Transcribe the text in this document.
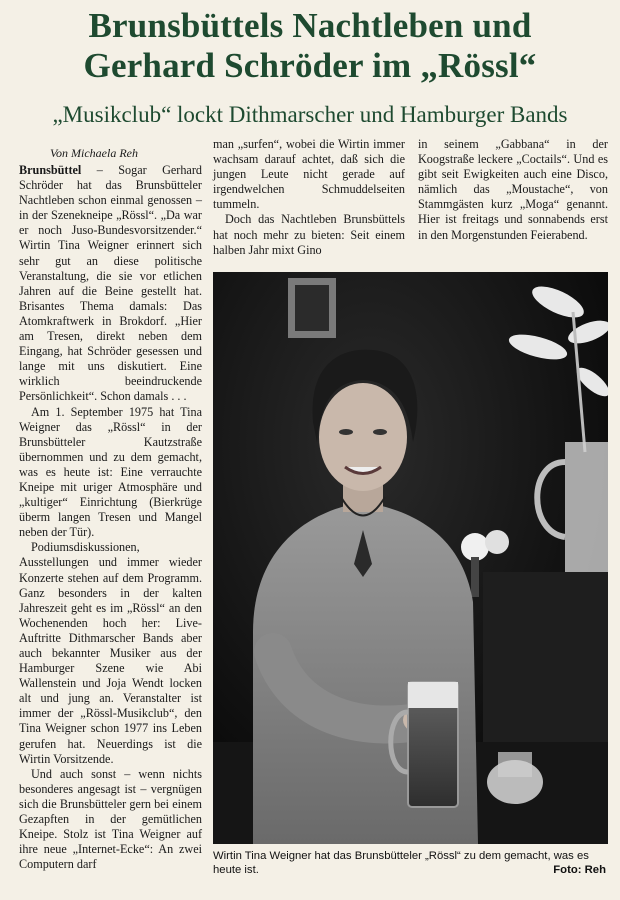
Brunsbüttels Nachtleben und
Gerhard Schröder im „Rössl“
„Musikclub“ lockt Dithmarscher und Hamburger Bands
Von Michaela Reh

Brunsbüttel – Sogar Gerhard Schröder hat das Brunsbütteler Nachtleben schon einmal genossen – in der Szenekneipe „Rössl“. „Da war er noch Juso-Bundesvorsitzender.“ Wirtin Tina Weigner erinnert sich sehr gut an diese politische Veranstaltung, die sie vor etlichen Jahren auf die Beine gestellt hat. Brisantes Thema damals: Das Atomkraftwerk in Brokdorf. „Hier am Tresen, direkt neben dem Eingang, hat Schröder gesessen und lange mit uns diskutiert. Eine wirklich beeindruckende Persönlichkeit“. Schon damals . . .

Am 1. September 1975 hat Tina Weigner das „Rössl“ in der Brunsbütteler Kautzstraße übernommen und zu dem gemacht, was es heute ist: Eine verrauchte Kneipe mit uriger Atmosphäre und „kultiger“ Einrichtung (Bierkrüge überm langen Tresen und Mangel neben der Tür).

Podiumsdiskussionen, Ausstellungen und immer wieder Konzerte stehen auf dem Programm. Ganz besonders in der kalten Jahreszeit geht es im „Rössl“ an den Wochenenden hoch her: Live-Auftritte Dithmarscher Bands aber auch bekannter Musiker aus der Hamburger Szene wie Abi Wallenstein und Joja Wendt locken alt und jung an. Veranstalter ist immer der „Rössl-Musikclub“, den Tina Weigner schon 1977 ins Leben gerufen hat. Neuerdings ist die Wirtin Vorsitzende.

Und auch sonst – wenn nichts besonderes angesagt ist – vergnügen sich die Brunsbütteler gern bei einem Gezapften in der gemütlichen Kneipe. Stolz ist Tina Weigner auf ihre neue „Internet-Ecke“: An zwei Computern darf

man „surfen“, wobei die Wirtin immer wachsam darauf achtet, daß sich die jungen Leute nicht gerade auf irgendwelchen Schmuddelseiten tummeln.

Doch das Nachtleben Brunsbüttels hat noch mehr zu bieten: Seit einem halben Jahr mixt Gino

in seinem „Gabbana“ in der Koogstraße leckere „Coctails“. Und es gibt seit Ewigkeiten auch eine Disco, nämlich das „Moustache“, von Stammgästen kurz „Moga“ genannt. Hier ist freitags und sonnabends erst in den Morgenstunden Feierabend.

Wirtin Tina Weigner hat das Brunsbütteler „Rössl“ zu dem gemacht, was es heute ist.	Foto: Reh
